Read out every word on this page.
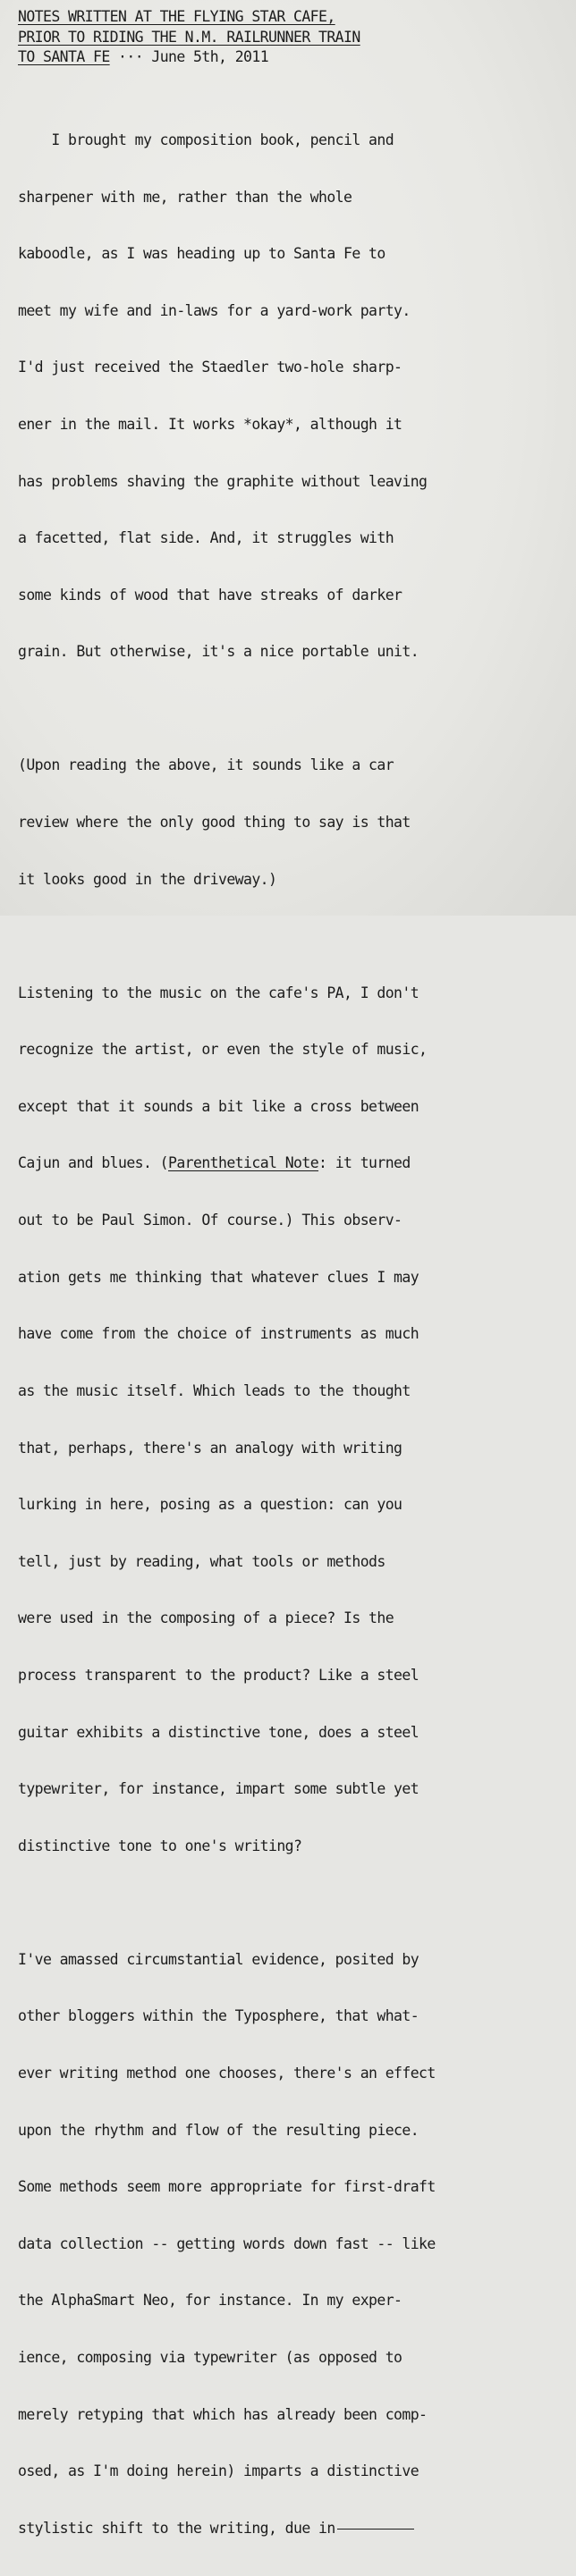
NOTES WRITTEN AT THE FLYING STAR CAFE,
PRIOR TO RIDING THE N.M. RAILRUNNER TRAIN
TO SANTA FE ··· June 5th, 2011

I brought my composition book, pencil and

sharpener with me, rather than the whole

kaboodle, as I was heading up to Santa Fe to

meet my wife and in-laws for a yard-work party.

I'd just received the Staedler two-hole sharp-

ener in the mail. It works *okay*, although it

has problems shaving the graphite without leaving

a facetted, flat side. And, it struggles with

some kinds of wood that have streaks of darker

grain. But otherwise, it's a nice portable unit.

(Upon reading the above, it sounds like a car

review where the only good thing to say is that

it looks good in the driveway.)

Listening to the music on the cafe's PA, I don't

recognize the artist, or even the style of music,

except that it sounds a bit like a cross between

Cajun and blues. (Parenthetical Note: it turned

out to be Paul Simon. Of course.) This observ-

ation gets me thinking that whatever clues I may

have come from the choice of instruments as much

as the music itself. Which leads to the thought

that, perhaps, there's an analogy with writing

lurking in here, posing as a question: can you

tell, just by reading, what tools or methods

were used in the composing of a piece? Is the

process transparent to the product? Like a steel

guitar exhibits a distinctive tone, does a steel

typewriter, for instance, impart some subtle yet

distinctive tone to one's writing?

I've amassed circumstantial evidence, posited by

other bloggers within the Typosphere, that what-

ever writing method one chooses, there's an effect

upon the rhythm and flow of the resulting piece.

Some methods seem more appropriate for first-draft

data collection -- getting words down fast -- like

the AlphaSmart Neo, for instance. In my exper-

ience, composing via typewriter (as opposed to

merely retyping that which has already been comp-

osed, as I'm doing herein) imparts a distinctive

stylistic shift to the writing, due in
